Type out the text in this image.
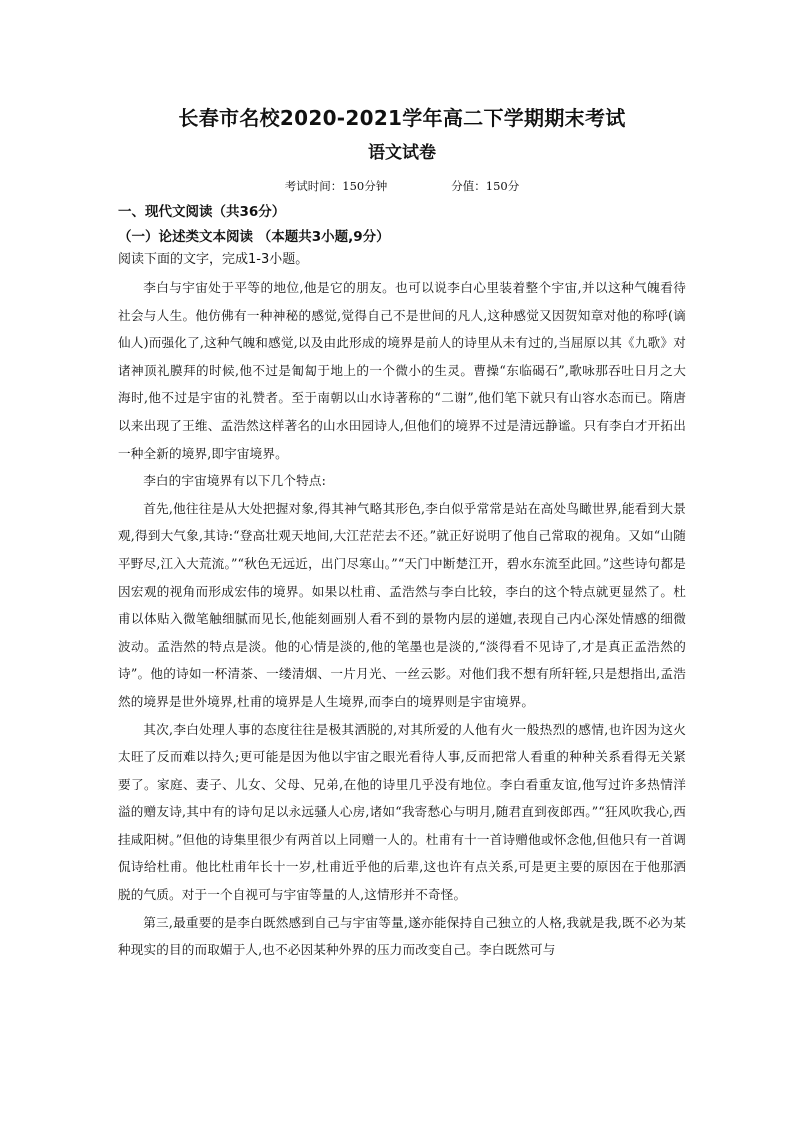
长春市名校2020-2021学年高二下学期期末考试
语文试卷
考试时间：150分钟	分值：150分
一、现代文阅读（共36分）
（一）论述类文本阅读 （本题共3小题,9分）
阅读下面的文字，完成1-3小题。

李白与宇宙处于平等的地位,他是它的朋友。也可以说李白心里装着整个宇宙,并以这种气魄看待社会与人生。他仿佛有一种神秘的感觉,觉得自己不是世间的凡人,这种感觉又因贺知章对他的称呼(谪仙人)而强化了,这种气魄和感觉,以及由此形成的境界是前人的诗里从未有过的,当屈原以其《九歌》对诸神顶礼膜拜的时候,他不过是匍匐于地上的一个微小的生灵。曹操“东临碣石”,歌咏那吞吐日月之大海时,他不过是宇宙的礼赞者。至于南朝以山水诗著称的“二谢”,他们笔下就只有山容水态而已。隋唐以来出现了王维、孟浩然这样著名的山水田园诗人,但他们的境界不过是清远静谧。只有李白才开拓出一种全新的境界,即宇宙境界。

李白的宇宙境界有以下几个特点:

首先,他往往是从大处把握对象,得其神气略其形色,李白似乎常常是站在高处鸟瞰世界,能看到大景观,得到大气象,其诗:“登高壮观天地间,大江茫茫去不还。”就正好说明了他自己常取的视角。又如“山随平野尽,江入大荒流。”“秋色无远近，出门尽寒山。”“天门中断楚江开，碧水东流至此回。”这些诗句都是因宏观的视角而形成宏伟的境界。如果以杜甫、孟浩然与李白比较，李白的这个特点就更显然了。杜甫以体贴入微笔触细腻而见长,他能刻画别人看不到的景物内层的递嬗,表现自己内心深处情感的细微波动。孟浩然的特点是淡。他的心情是淡的,他的笔墨也是淡的,“淡得看不见诗了,才是真正孟浩然的诗”。他的诗如一杯清茶、一缕清烟、一片月光、一丝云影。对他们我不想有所轩轾,只是想指出,孟浩然的境界是世外境界,杜甫的境界是人生境界,而李白的境界则是宇宙境界。

其次,李白处理人事的态度往往是极其洒脱的,对其所爱的人他有火一般热烈的感情,也许因为这火太旺了反而难以持久;更可能是因为他以宇宙之眼光看待人事,反而把常人看重的种种关系看得无关紧要了。家庭、妻子、儿女、父母、兄弟,在他的诗里几乎没有地位。李白看重友谊,他写过许多热情洋溢的赠友诗,其中有的诗句足以永远骚人心房,诸如“我寄愁心与明月,随君直到夜郎西。”“狂风吹我心,西挂咸阳树。”但他的诗集里很少有两首以上同赠一人的。杜甫有十一首诗赠他或怀念他,但他只有一首调侃诗给杜甫。他比杜甫年长十一岁,杜甫近乎他的后辈,这也许有点关系,可是更主要的原因在于他那洒脱的气质。对于一个自视可与宇宙等量的人,这情形并不奇怪。

第三,最重要的是李白既然感到自己与宇宙等量,遂亦能保持自己独立的人格,我就是我,既不必为某种现实的目的而取媚于人,也不必因某种外界的压力而改变自己。李白既然可与
